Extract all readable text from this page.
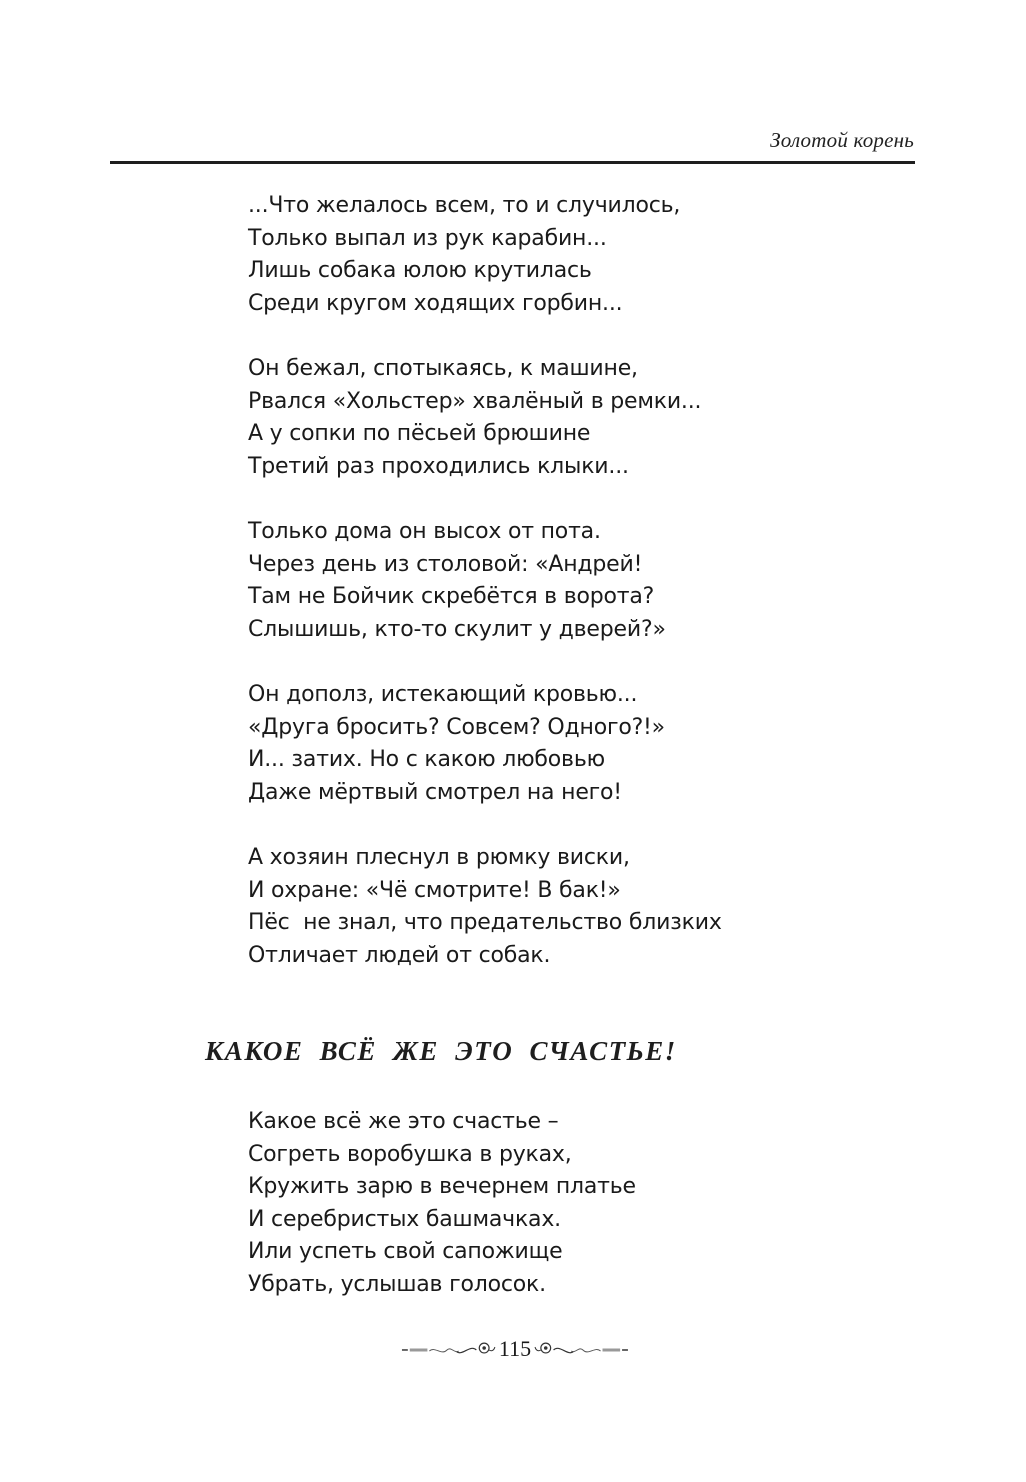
Золотой корень
...Что желалось всем, то и случилось,
Только выпал из рук карабин...
Лишь собака юлою крутилась
Среди кругом ходящих горбин...
Он бежал, спотыкаясь, к машине,
Рвался «Хольстер» хвалёный в ремки...
А у сопки по пёсьей брюшине
Третий раз проходились клыки...
Только дома он высох от пота.
Через день из столовой: «Андрей!
Там не Бойчик скребётся в ворота?
Слышишь, кто-то скулит у дверей?»
Он дополз, истекающий кровью...
«Друга бросить? Совсем? Одного?!»
И... затих. Но с какою любовью
Даже мёртвый смотрел на него!
А хозяин плеснул в рюмку виски,
И охране: «Чё смотрите! В бак!»
Пёс  не знал, что предательство близких
Отличает людей от собак.
КАКОЕ ВСЁ ЖЕ ЭТО СЧАСТЬЕ!
Какое всё же это счастье –
Согреть воробушка в руках,
Кружить зарю в вечернем платье
И серебристых башмачках.
Или успеть свой сапожище
Убрать, услышав голосок.
115
